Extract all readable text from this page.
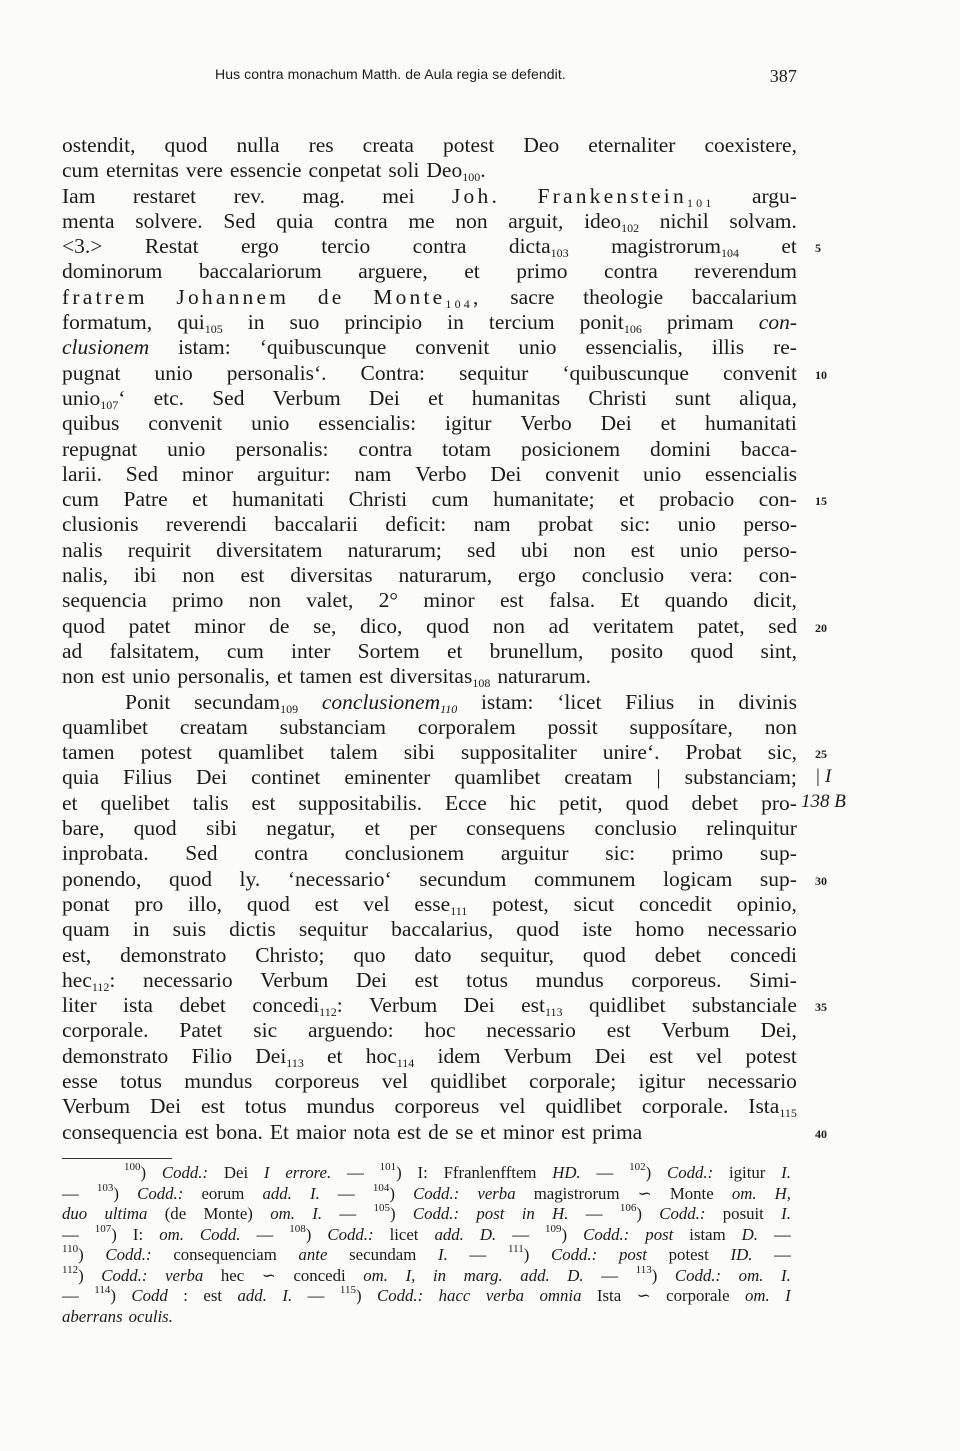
Hus contra monachum Matth. de Aula regia se defendit.	387
ostendit, quod nulla res creata potest Deo eternaliter coexistere,
cum eternitas vere essencie conpetat soli Deo$_{100}$.
Iam restaret rev. mag. mei Joh. Frankenstein$_{101}$ argu-
menta solvere. Sed quia contra me non arguit, ideo$_{102}$ nichil solvam.
<3.> Restat ergo tercio contra dicta$_{103}$ magistrorum$_{104}$ et
dominorum baccalariorum arguere, et primo contra reverendum
fratrem Johannem de Monte$_{104}$, sacre theologie baccalarium
formatum, qui$_{105}$ in suo principio in tercium ponit$_{106}$ primam con-
clusionem istam: ‘quibuscunque convenit unio essencialis, illis re-
pugnat unio personalis‘. Contra: sequitur ‘quibuscunque convenit
unio$_{107}$‘ etc. Sed Verbum Dei et humanitas Christi sunt aliqua,
quibus convenit unio essencialis: igitur Verbo Dei et humanitati
repugnat unio personalis: contra totam posicionem domini bacca-
larii. Sed minor arguitur: nam Verbo Dei convenit unio essencialis
cum Patre et humanitati Christi cum humanitate; et probacio con-
clusionis reverendi baccalarii deficit: nam probat sic: unio perso-
nalis requirit diversitatem naturarum; sed ubi non est unio perso-
nalis, ibi non est diversitas naturarum, ergo conclusio vera: con-
sequencia primo non valet, 2° minor est falsa. Et quando dicit,
quod patet minor de se, dico, quod non ad veritatem patet, sed
ad falsitatem, cum inter Sortem et brunellum, posito quod sint,
non est unio personalis, et tamen est diversitas$_{108}$ naturarum.
Ponit secundam$_{109}$ conclusionem$_{110}$ istam: ‘licet Filius in divinis
quamlibet creatam substanciam corporalem possit supposítare, non
tamen potest quamlibet talem sibi suppositaliter unire‘. Probat sic,
quia Filius Dei continet eminenter quamlibet creatam | substanciam;
et quelibet talis est suppositabilis. Ecce hic petit, quod debet pro-
bare, quod sibi negatur, et per consequens conclusio relinquitur
inprobata. Sed contra conclusionem arguitur sic: primo sup-
ponendo, quod ly. ‘necessario‘ secundum communem logicam sup-
ponat pro illo, quod est vel esse$_{111}$ potest, sicut concedit opinio,
quam in suis dictis sequitur baccalarius, quod iste homo necessario
est, demonstrato Christo; quo dato sequitur, quod debet concedi
hec$_{112}$: necessario Verbum Dei est totus mundus corporeus. Simi-
liter ista debet concedi$_{112}$: Verbum Dei est$_{113}$ quidlibet substanciale
corporale. Patet sic arguendo: hoc necessario est Verbum Dei,
demonstrato Filio Dei$_{113}$ et hoc$_{114}$ idem Verbum Dei est vel potest
esse totus mundus corporeus vel quidlibet corporale; igitur necessario
Verbum Dei est totus mundus corporeus vel quidlibet corporale. Ista$_{115}$
consequencia est bona. Et maior nota est de se et minor est prima
5
10
15
20
25
30
35
40
| I
138 B
$^{100}$) Codd.: Dei I errore. — $^{101}$) I: Ffranlenfftem HD. — $^{102}$) Codd.: igitur I.
— $^{103}$) Codd.: eorum add. I. — $^{104}$) Codd.: verba magistrorum ∽ Monte om. H,
duo ultima (de Monte) om. I. — $^{105}$) Codd.: post in H. — $^{106}$) Codd.: posuit I.
— $^{107}$) I: om. Codd. — $^{108}$) Codd.: licet add. D. — $^{109}$) Codd.: post istam D. —
$^{110}$) Codd.: consequenciam ante secundam I. — $^{111}$) Codd.: post potest ID. —
$^{112}$) Codd.: verba hec ∽ concedi om. I, in marg. add. D. — $^{113}$) Codd.: om. I.
— $^{114}$) Codd : est add. I. — $^{115}$) Codd.: hacc verba omnia Ista ∽ corporale om. I
aberrans oculis.
